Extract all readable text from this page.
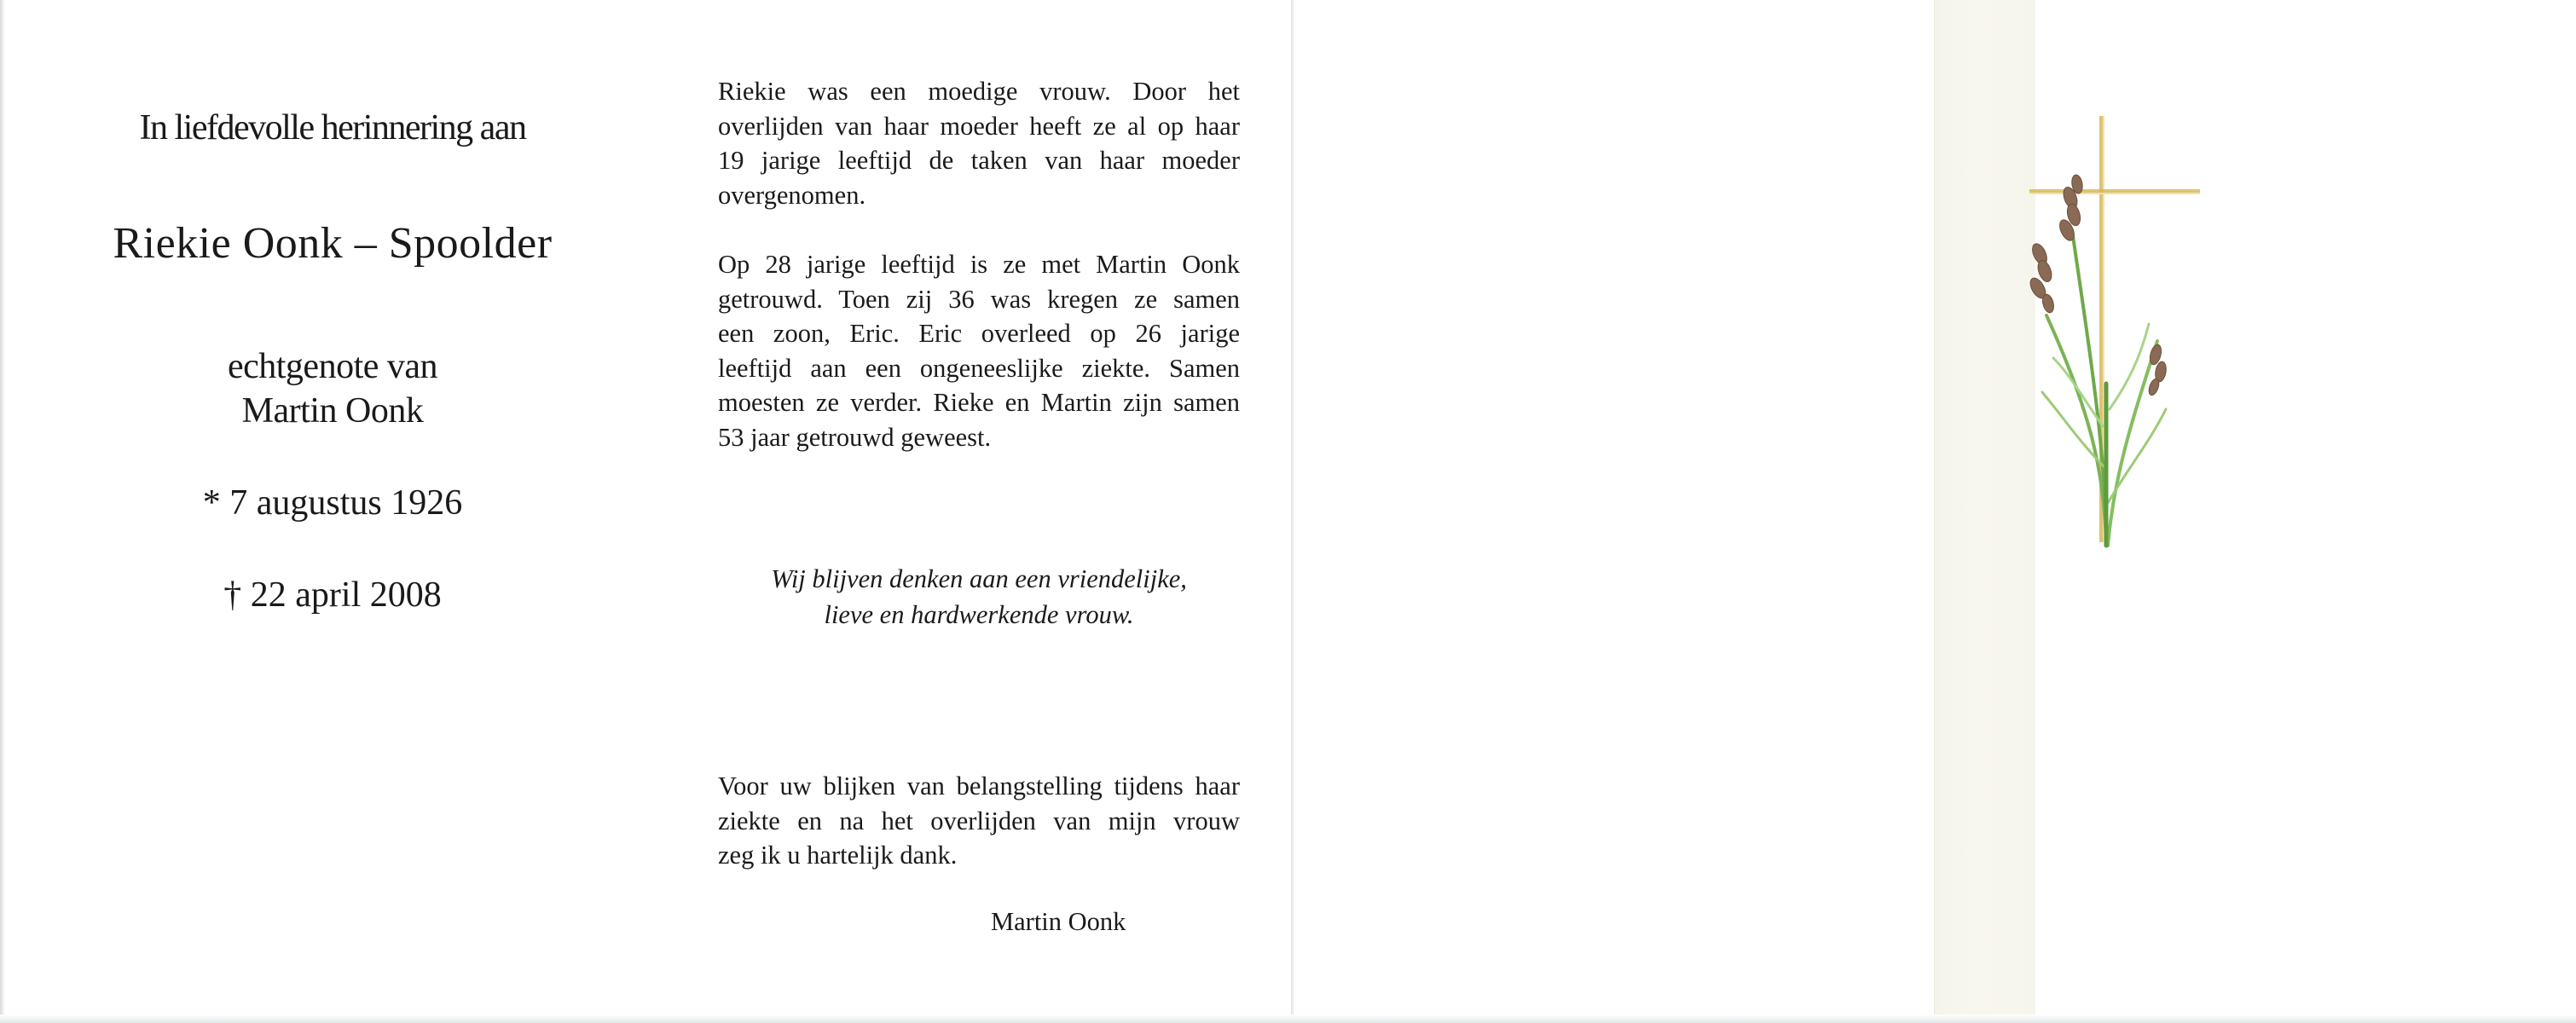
In liefdevolle herinnering aan
Riekie Oonk – Spoolder
echtgenote van
Martin Oonk
* 7 augustus 1926
† 22 april 2008

Riekie was een moedige vrouw. Door het
overlijden van haar moeder heeft ze al op haar
19 jarige leeftijd de taken van haar moeder
overgenomen.

Op 28 jarige leeftijd is ze met Martin Oonk
getrouwd. Toen zij 36 was kregen ze samen
een zoon, Eric. Eric overleed op 26 jarige
leeftijd aan een ongeneeslijke ziekte. Samen
moesten ze verder. Rieke en Martin zijn samen
53 jaar getrouwd geweest.

Wij blijven denken aan een vriendelijke,
lieve en hardwerkende vrouw.

Voor uw blijken van belangstelling tijdens haar
ziekte en na het overlijden van mijn vrouw
zeg ik u hartelijk dank.

Martin Oonk
